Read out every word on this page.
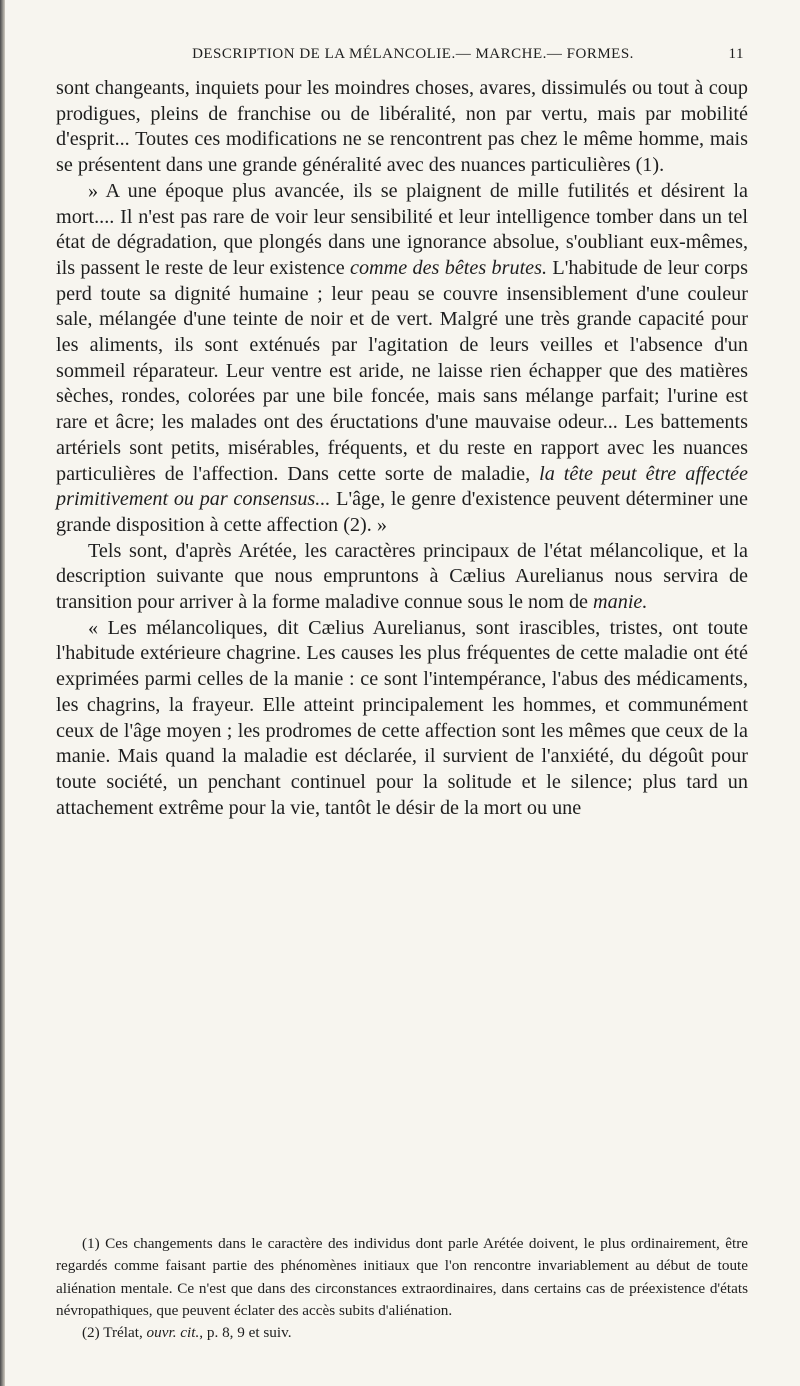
DESCRIPTION DE LA MÉLANCOLIE.— MARCHE.— FORMES.	11

sont changeants, inquiets pour les moindres choses, avares, dissimulés ou tout à coup prodigues, pleins de franchise ou de libéralité, non par vertu, mais par mobilité d'esprit... Toutes ces modifications ne se rencontrent pas chez le même homme, mais se présentent dans une grande généralité avec des nuances particulières (1).

» A une époque plus avancée, ils se plaignent de mille futilités et désirent la mort.... Il n'est pas rare de voir leur sensibilité et leur intelligence tomber dans un tel état de dégradation, que plongés dans une ignorance absolue, s'oubliant eux-mêmes, ils passent le reste de leur existence comme des bêtes brutes. L'habitude de leur corps perd toute sa dignité humaine ; leur peau se couvre insensiblement d'une couleur sale, mélangée d'une teinte de noir et de vert. Malgré une très grande capacité pour les aliments, ils sont exténués par l'agitation de leurs veilles et l'absence d'un sommeil réparateur. Leur ventre est aride, ne laisse rien échapper que des matières sèches, rondes, colorées par une bile foncée, mais sans mélange parfait; l'urine est rare et âcre; les malades ont des éructations d'une mauvaise odeur... Les battements artériels sont petits, misérables, fréquents, et du reste en rapport avec les nuances particulières de l'affection. Dans cette sorte de maladie, la tête peut être affectée primitivement ou par consensus... L'âge, le genre d'existence peuvent déterminer une grande disposition à cette affection (2). »

Tels sont, d'après Arétée, les caractères principaux de l'état mélancolique, et la description suivante que nous empruntons à Cælius Aurelianus nous servira de transition pour arriver à la forme maladive connue sous le nom de manie.

« Les mélancoliques, dit Cælius Aurelianus, sont irascibles, tristes, ont toute l'habitude extérieure chagrine. Les causes les plus fréquentes de cette maladie ont été exprimées parmi celles de la manie : ce sont l'intempérance, l'abus des médicaments, les chagrins, la frayeur. Elle atteint principalement les hommes, et communément ceux de l'âge moyen ; les prodromes de cette affection sont les mêmes que ceux de la manie. Mais quand la maladie est déclarée, il survient de l'anxiété, du dégoût pour toute société, un penchant continuel pour la solitude et le silence; plus tard un attachement extrême pour la vie, tantôt le désir de la mort ou une

(1) Ces changements dans le caractère des individus dont parle Arétée doivent, le plus ordinairement, être regardés comme faisant partie des phénomènes initiaux que l'on rencontre invariablement au début de toute aliénation mentale. Ce n'est que dans des circonstances extraordinaires, dans certains cas de préexistence d'états névropathiques, que peuvent éclater des accès subits d'aliénation.

(2) Trélat, ouvr. cit., p. 8, 9 et suiv.
